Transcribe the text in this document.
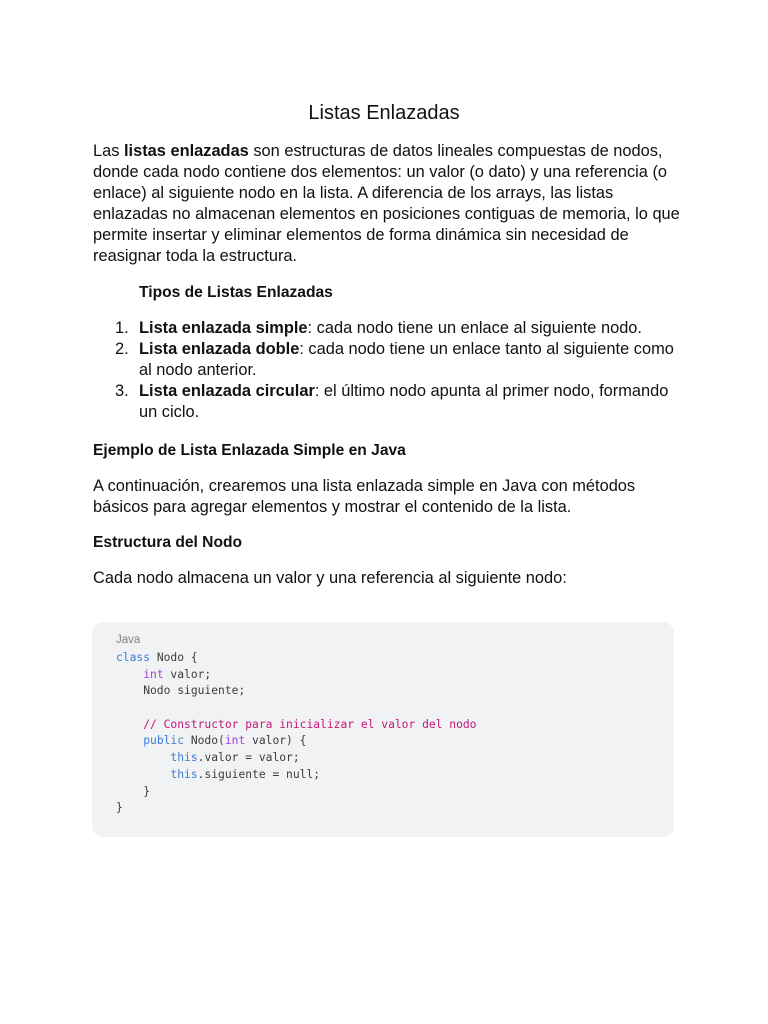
Listas Enlazadas

Las listas enlazadas son estructuras de datos lineales compuestas de nodos, donde cada nodo contiene dos elementos: un valor (o dato) y una referencia (o enlace) al siguiente nodo en la lista. A diferencia de los arrays, las listas enlazadas no almacenan elementos en posiciones contiguas de memoria, lo que permite insertar y eliminar elementos de forma dinámica sin necesidad de reasignar toda la estructura.

Tipos de Listas Enlazadas
1. Lista enlazada simple: cada nodo tiene un enlace al siguiente nodo.
2. Lista enlazada doble: cada nodo tiene un enlace tanto al siguiente como al nodo anterior.
3. Lista enlazada circular: el último nodo apunta al primer nodo, formando un ciclo.
Ejemplo de Lista Enlazada Simple en Java

A continuación, crearemos una lista enlazada simple en Java con métodos básicos para agregar elementos y mostrar el contenido de la lista.

Estructura del Nodo

Cada nodo almacena un valor y una referencia al siguiente nodo:

Java
class Nodo {
int valor;
Nodo siguiente;
// Constructor para inicializar el valor del nodo
public Nodo(int valor) {
this.valor = valor;
this.siguiente = null;
}
}
